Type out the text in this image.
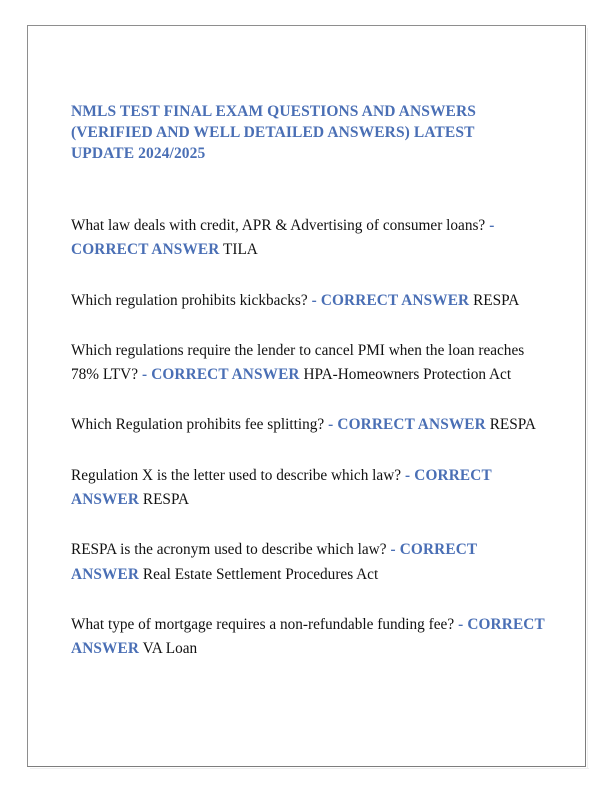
NMLS TEST FINAL EXAM QUESTIONS AND ANSWERS (VERIFIED AND WELL DETAILED ANSWERS) LATEST UPDATE 2024/2025

What law deals with credit, APR & Advertising of consumer loans? - CORRECT ANSWER TILA

Which regulation prohibits kickbacks? - CORRECT ANSWER RESPA

Which regulations require the lender to cancel PMI when the loan reaches 78% LTV? - CORRECT ANSWER HPA-Homeowners Protection Act

Which Regulation prohibits fee splitting? - CORRECT ANSWER RESPA

Regulation X is the letter used to describe which law? - CORRECT ANSWER RESPA

RESPA is the acronym used to describe which law? - CORRECT ANSWER Real Estate Settlement Procedures Act

What type of mortgage requires a non-refundable funding fee? - CORRECT ANSWER VA Loan
